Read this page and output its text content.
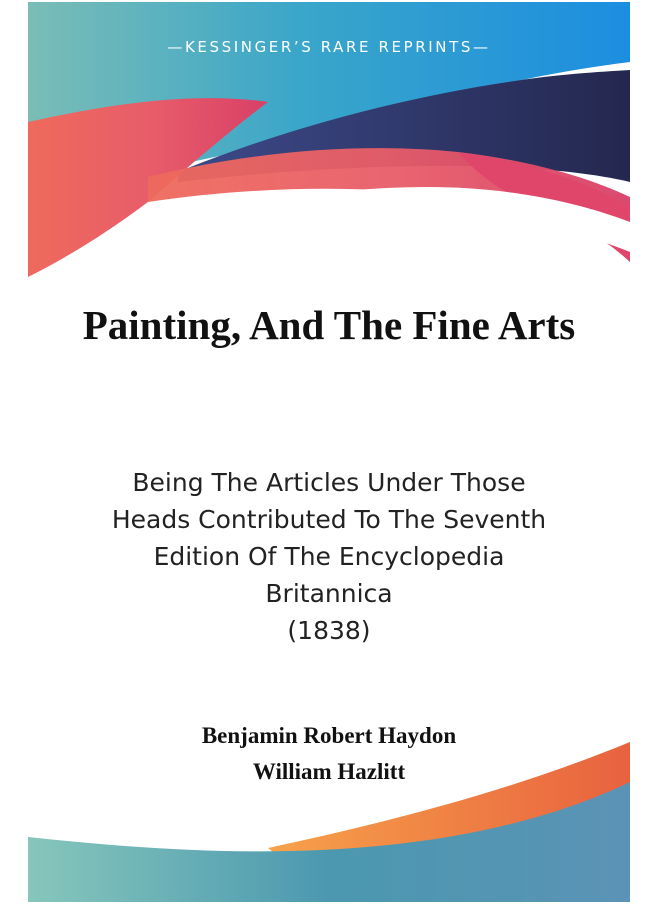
—KESSINGER’S RARE REPRINTS—
Painting, And The Fine Arts
Being The Articles Under Those
Heads Contributed To The Seventh
Edition Of The Encyclopedia
Britannica
(1838)
Benjamin Robert Haydon
William Hazlitt
